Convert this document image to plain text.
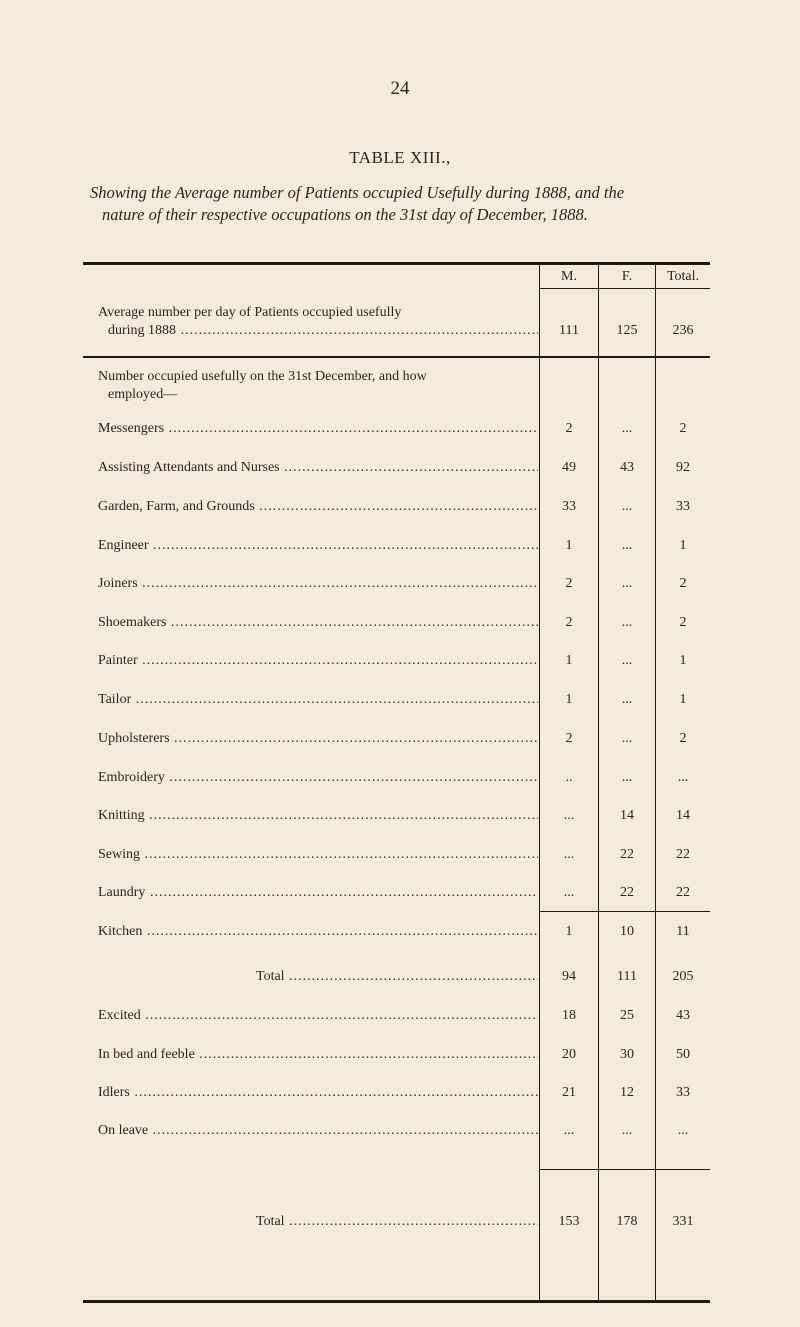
24
TABLE XIII.,
Showing the Average number of Patients occupied Usefully during 1888, and the
nature of their respective occupations on the 31st day of December, 1888.
M.	F.	Total.
Average number per day of Patients occupied usefully
during 1888 .....	111	125	236
Number occupied usefully on the 31st December, and how
employed—
Messengers .....	2	...	2
Assisting Attendants and Nurses .....	49	43	92
Garden, Farm, and Grounds .....	33	...	33
Engineer .....	1	...	1
Joiners .....	2	...	2
Shoemakers .....	2	...	2
Painter .....	1	...	1
Tailor .....	1	...	1
Upholsterers .....	2	...	2
Embroidery .....	..	...	...
Knitting .....	...	14	14
Sewing .....	...	22	22
Laundry .....	...	22	22
Kitchen .....	1	10	11
Total .....	94	111	205
Excited .....	18	25	43
In bed and feeble .....	20	30	50
Idlers .....	21	12	33
On leave .....	...	...	...
Total .....	153	178	331
